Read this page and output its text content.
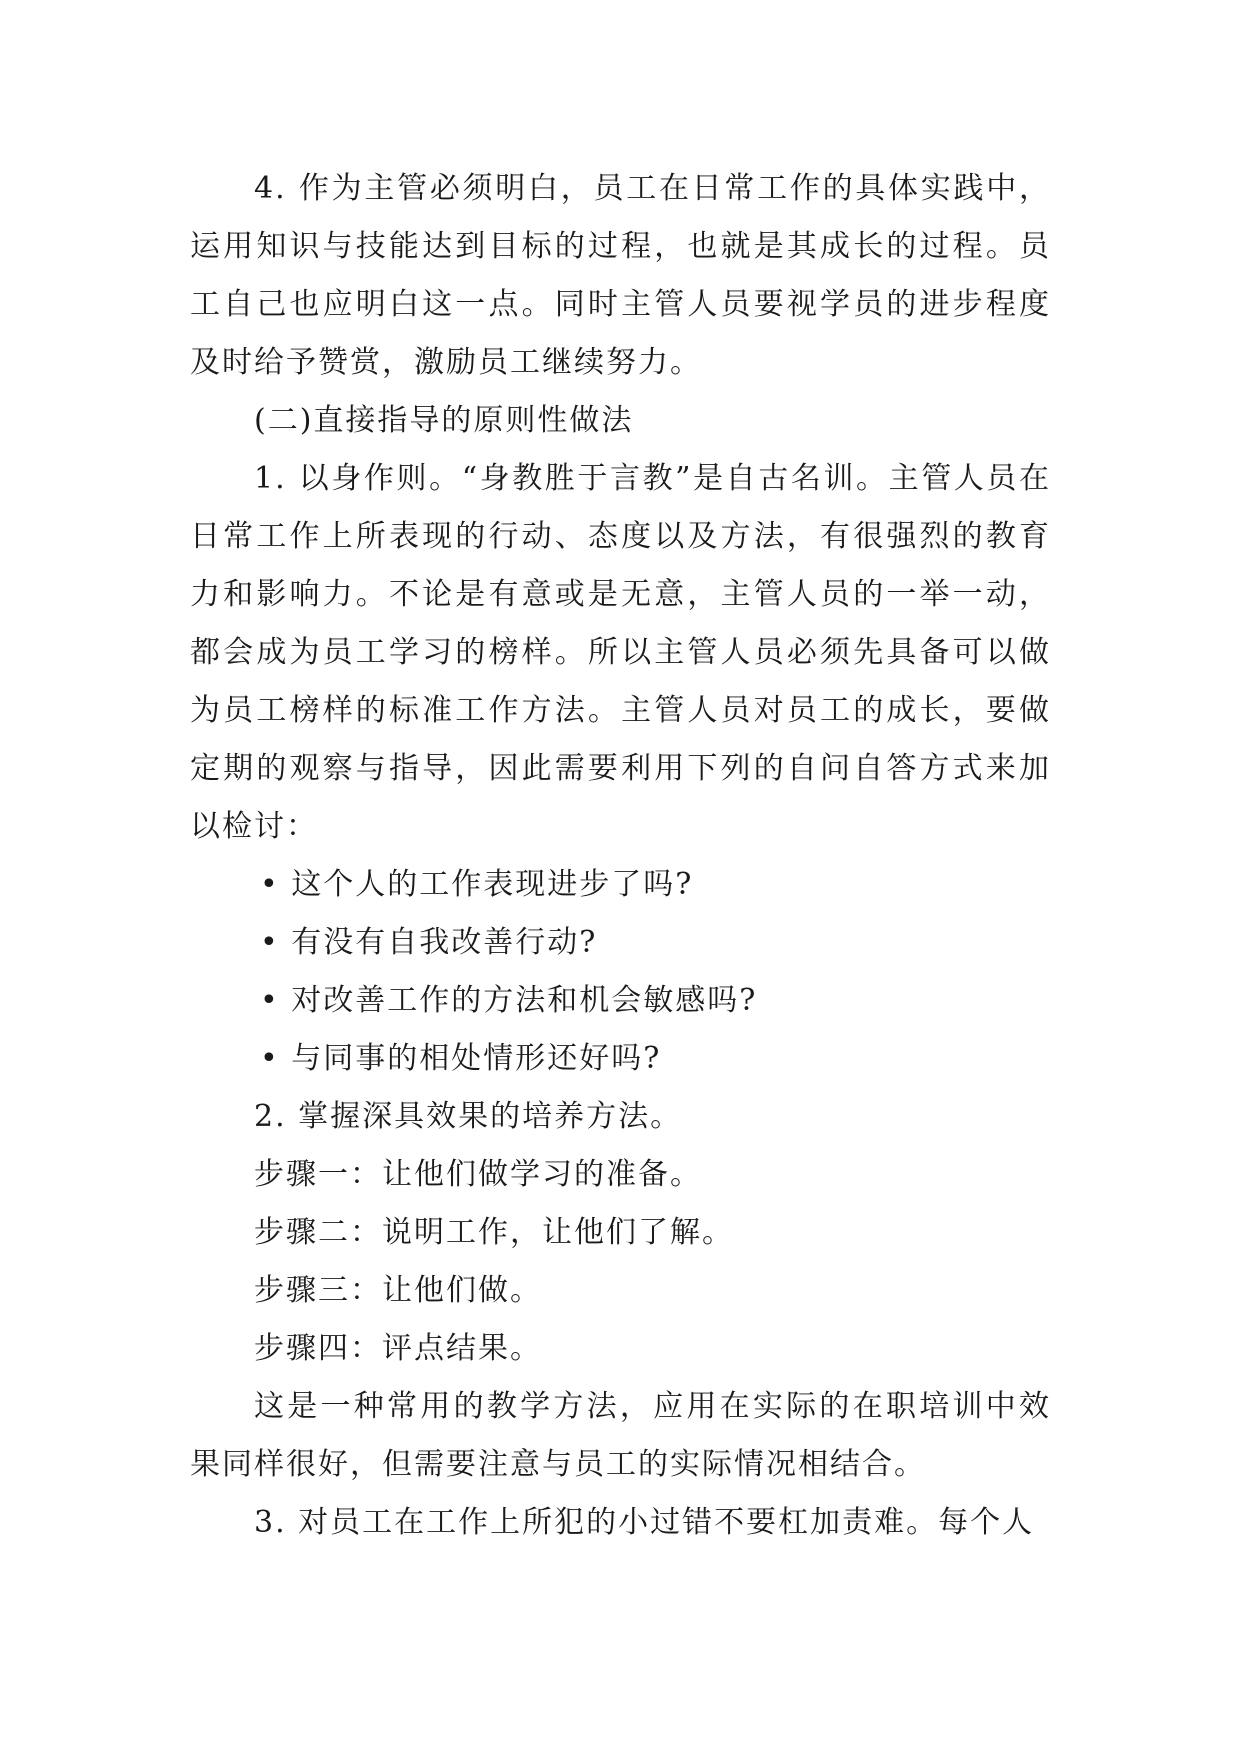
4. 作为主管必须明白，员工在日常工作的具体实践中，运用知识与技能达到目标的过程，也就是其成长的过程。员工自己也应明白这一点。同时主管人员要视学员的进步程度及时给予赞赏，激励员工继续努力。

(二)直接指导的原则性做法

1. 以身作则。“身教胜于言教”是自古名训。主管人员在日常工作上所表现的行动、态度以及方法，有很强烈的教育力和影响力。不论是有意或是无意，主管人员的一举一动，都会成为员工学习的榜样。所以主管人员必须先具备可以做为员工榜样的标准工作方法。主管人员对员工的成长，要做定期的观察与指导，因此需要利用下列的自问自答方式来加以检讨：

• 这个人的工作表现进步了吗?

• 有没有自我改善行动?

• 对改善工作的方法和机会敏感吗?

• 与同事的相处情形还好吗?

2. 掌握深具效果的培养方法。

步骤一：让他们做学习的准备。

步骤二：说明工作，让他们了解。

步骤三：让他们做。

步骤四：评点结果。

这是一种常用的教学方法，应用在实际的在职培训中效果同样很好，但需要注意与员工的实际情况相结合。

3. 对员工在工作上所犯的小过错不要杠加责难。每个人
